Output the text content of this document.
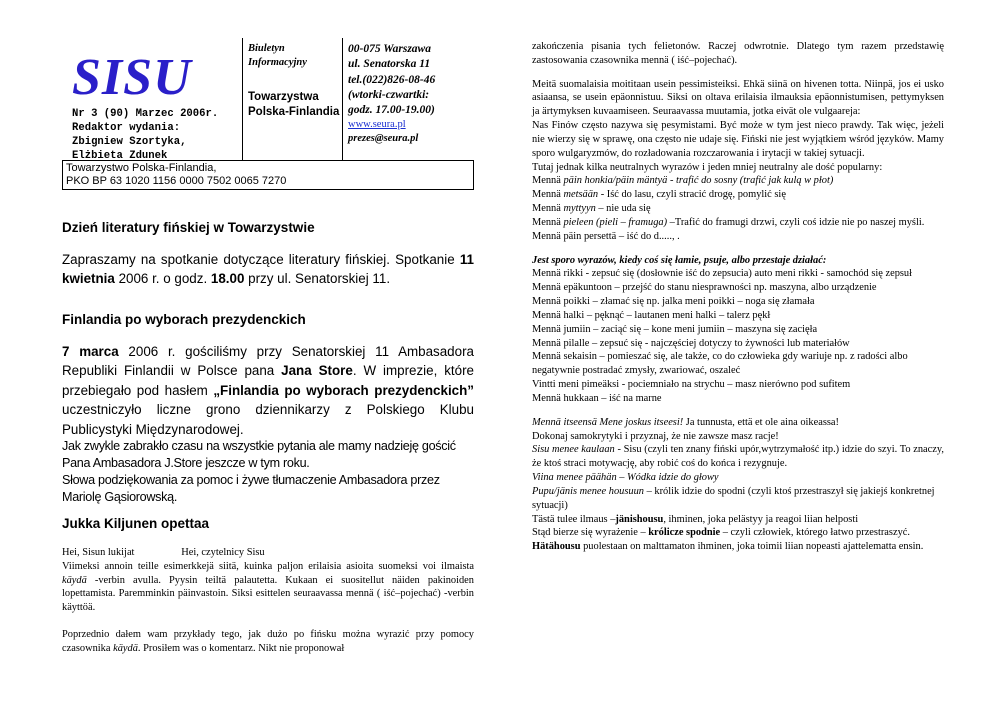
SISU
Nr 3 (90) Marzec 2006r.
Redaktor wydania:
Zbigniew Szortyka,
Elżbieta Zdunek
Biuletyn Informacyjny
Towarzystwa Polska-Finlandia
00-075 Warszawa
ul. Senatorska 11
tel.(022)826-08-46
(wtorki-czwartki:
godz. 17.00-19.00)
www.seura.pl
prezes@seura.pl
Towarzystwo Polska-Finlandia,
PKO BP 63 1020 1156 0000 7502 0065 7270
Dzień literatury fińskiej w Towarzystwie

Zapraszamy na spotkanie dotyczące literatury fińskiej. Spotkanie 11 kwietnia 2006 r. o godz. 18.00 przy ul. Senatorskiej 11.

Finlandia po wyborach prezydenckich

7 marca 2006 r. gościliśmy przy Senatorskiej 11 Ambasadora Republiki Finlandii w Polsce pana Jana Store. W imprezie, które przebiegało pod hasłem „Finlandia po wyborach prezydenckich” uczestniczyło liczne grono dziennikarzy z Polskiego Klubu Publicystyki Międzynarodowej.

Jak zwykle zabrakło czasu na wszystkie pytania ale mamy nadzieję gościć Pana Ambasadora J.Store jeszcze w tym roku.

Słowa podziękowania za pomoc i żywe tłumaczenie Ambasadora przez Mariolę Gąsiorowską.

Jukka Kiljunen opettaa

Hei, Sisun lukijat                  Hei, czytelnicy Sisu
Viimeksi annoin teille esimerkkejä siitä, kuinka paljon erilaisia asioita suomeksi voi ilmaista käydä -verbin avulla. Pyysin teiltä palautetta. Kukaan ei suositellut näiden pakinoiden lopettamista. Paremminkin päinvastoin. Siksi esittelen seuraavassa mennä ( iść–pojechać) -verbin käyttöä.

Poprzednio dałem wam przykłady tego, jak dużo po fińsku można wyrazić przy pomocy czasownika käydä. Prosiłem was o komentarz. Nikt nie proponował

zakończenia pisania tych felietonów. Raczej odwrotnie. Dlatego tym razem przedstawię zastosowania czasownika mennä ( iść–pojechać).

Meitä suomalaisia moititaan usein pessimisteiksi. Ehkä siinä on hivenen totta. Niinpä, jos ei usko asiaansa, se usein epäonnistuu. Siksi on oltava erilaisia ilmauksia epäonnistumisen, pettymyksen ja ärtymyksen kuvaamiseen. Seuraavassa muutamia, jotka eivät ole vulgaareja:

Nas Finów często nazywa się pesymistami. Być może w tym jest nieco prawdy. Tak więc, jeżeli nie wierzy się w sprawę, ona często nie udaje się. Fiński nie jest wyjątkiem wśród języków. Mamy sporo wulgaryzmów, do rozładowania rozczarowania i irytacji w takiej sytuacji.

Tutaj jednak kilka neutralnych wyrazów i jeden mniej neutralny ale dość popularny:

Mennä päin honkia/päin mäntyä - trafić do sosny (trafić jak kulą w płot)

Mennä metsään - Iść do lasu, czyli stracić drogę, pomylić się

Mennä myttyyn – nie uda się

Mennä pieleen (pieli – framuga) –Trafić do framugi drzwi, czyli coś idzie nie po naszej myśli.

Mennä päin persettä – iść do d....., .

Jest sporo wyrazów, kiedy coś się łamie, psuje, albo przestaje działać:

Mennä rikki - zepsuć się (dosłownie iść do zepsucia) auto meni rikki - samochód się zepsuł

Mennä epäkuntoon – przejść do stanu niesprawności np. maszyna, albo urządzenie

Mennä poikki – złamać się np. jalka meni poikki – noga się złamała

Mennä halki – pęknąć – lautanen meni halki – talerz pękł

Mennä jumiin – zaciąć się – kone meni jumiin – maszyna się zacięła

Mennä pilalle – zepsuć się - najczęściej dotyczy to żywności lub materiałów

Mennä sekaisin – pomieszać się, ale także, co do człowieka gdy wariuje np. z radości albo negatywnie postradać zmysły, zwariować, oszaleć

Vintti meni pimeäksi - pociemniało na strychu – masz nierówno pod sufitem

Mennä hukkaan – iść na marne

Mennä itseensä Mene joskus itseesi! Ja tunnusta, että et ole aina oikeassa!

Dokonaj samokrytyki i przyznaj, że nie zawsze masz racje!

Sisu menee kaulaan - Sisu (czyli ten znany fiński upór,wytrzymałość itp.) idzie do szyi. To znaczy, że ktoś straci motywację, aby robić coś do końca i rezygnuje.

Viina menee päähän – Wódka idzie do głowy

Pupu/jänis menee housuun – królik idzie do spodni (czyli ktoś przestraszył się jakiejś konkretnej sytuacji)

Tästä tulee ilmaus –jänishousu, ihminen, joka pelästyy ja reagoi liian helposti

Stąd bierze się wyrażenie – królicze spodnie – czyli człowiek, którego łatwo przestraszyć.

Hätähousu puolestaan on malttamaton ihminen, joka toimii liian nopeasti ajattelematta ensin.
